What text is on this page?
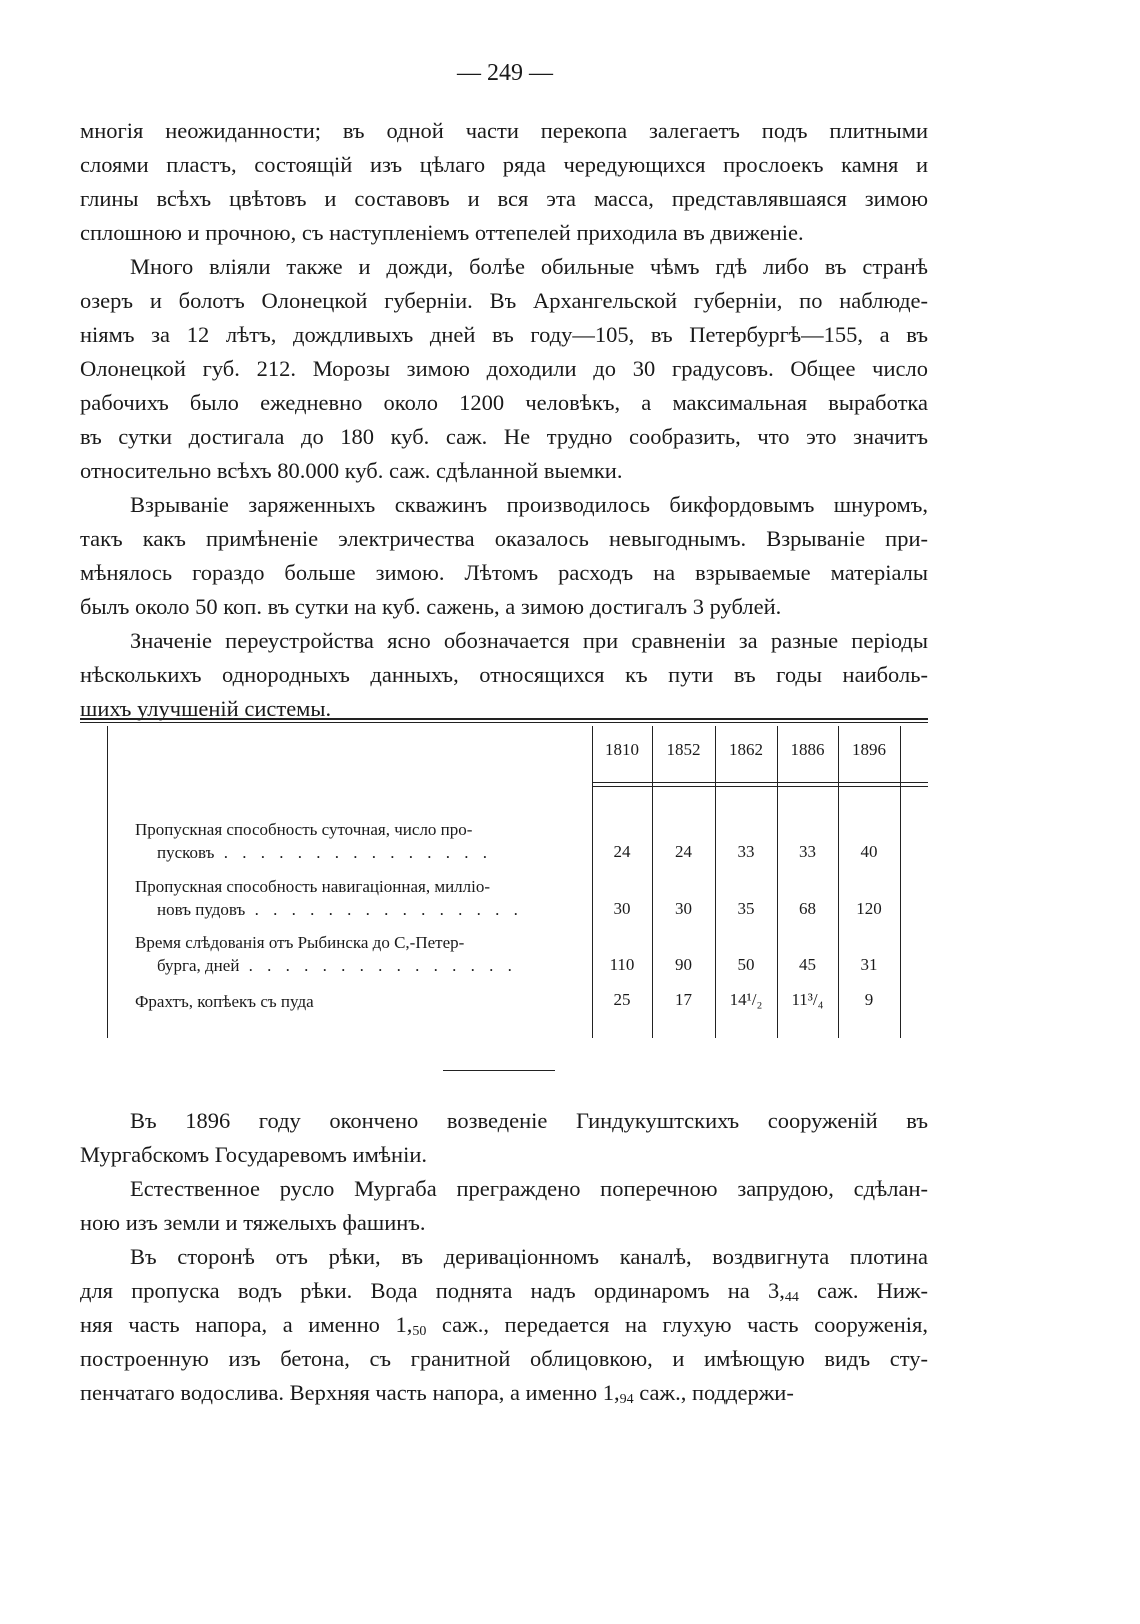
— 249 —
многія неожиданности; въ одной части перекопа залегаетъ подъ плитными
слоями пластъ, состоящій изъ цѣлаго ряда чередующихся прослоекъ камня и
глины всѣхъ цвѣтовъ и составовъ и вся эта масса, представлявшаяся зимою
сплошною и прочною, съ наступленіемъ оттепелей приходила въ движеніе.
Много вліяли также и дожди, болѣе обильные чѣмъ гдѣ либо въ странѣ
озеръ и болотъ Олонецкой губерніи. Въ Архангельской губерніи, по наблюде-
ніямъ за 12 лѣтъ, дождливыхъ дней въ году—105, въ Петербургѣ—155, а въ
Олонецкой губ. 212. Морозы зимою доходили до 30 градусовъ. Общее число
рабочихъ было ежедневно около 1200 человѣкъ, а максимальная выработка
въ сутки достигала до 180 куб. саж. Не трудно сообразить, что это значитъ
относительно всѣхъ 80.000 куб. саж. сдѣланной выемки.
Взрываніе заряженныхъ скважинъ производилось бикфордовымъ шнуромъ,
такъ какъ примѣненіе электричества оказалось невыгоднымъ. Взрываніе при-
мѣнялось гораздо больше зимою. Лѣтомъ расходъ на взрываемые матеріалы
былъ около 50 коп. въ сутки на куб. сажень, а зимою достигалъ 3 рублей.
Значеніе переустройства ясно обозначается при сравненіи за разные періоды
нѣсколькихъ однородныхъ данныхъ, относящихся къ пути въ годы наиболь-
шихъ улучшеній системы.
1810	1852	1862	1886	1896
Пропускная способность суточная, число про-
пусковъ . . . . . . . . . . . . . . .	24	24	33	33	40
Пропускная способность навигаціонная, милліо-
новъ пудовъ . . . . . . . . . . . . . . .	30	30	35	68	120
Время слѣдованія отъ Рыбинска до С,-Петер-
бурга, дней . . . . . . . . . . . . . . .	110	90	50	45	31
Фрахтъ, копѣекъ съ пуда	25	17	14¹/₂	11³/₄	9
Въ 1896 году окончено возведеніе Гиндукуштскихъ сооруженій въ
Мургабскомъ Государевомъ имѣніи.
Естественное русло Мургаба преграждено поперечною запрудою, сдѣлан-
ною изъ земли и тяжелыхъ фашинъ.
Въ сторонѣ отъ рѣки, въ дериваціонномъ каналѣ, воздвигнута плотина
для пропуска водъ рѣки. Вода поднята надъ ординаромъ на $3,_{44}$ саж. Ниж-
няя часть напора, а именно $1,_{50}$ саж., передается на глухую часть сооруженія,
построенную изъ бетона, съ гранитной облицовкою, и имѣющую видъ сту-
пенчатаго водослива. Верхняя часть напора, а именно $1,_{94}$ саж., поддержи-
